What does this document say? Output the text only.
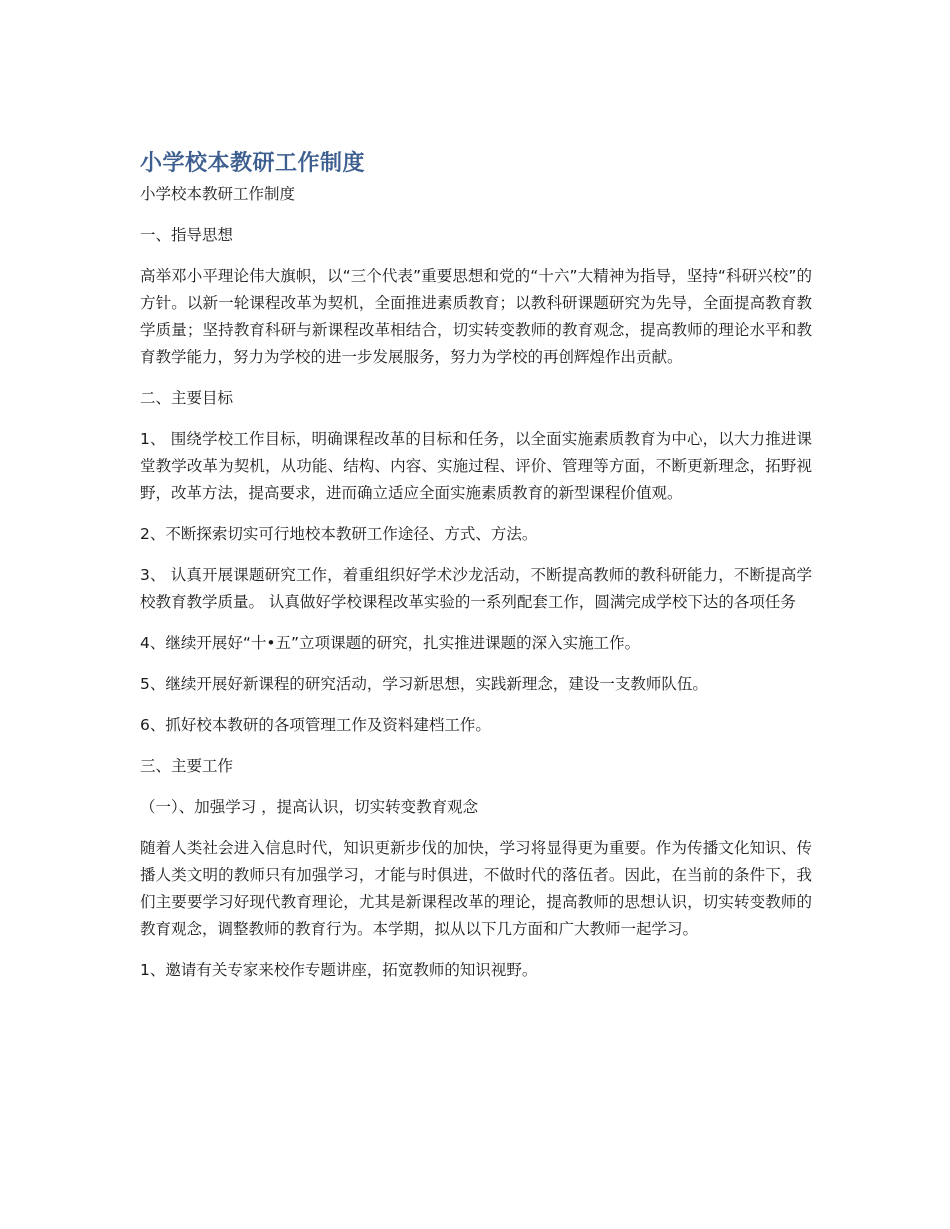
小学校本教研工作制度

小学校本教研工作制度

一、指导思想

高举邓小平理论伟大旗帜，以“三个代表”重要思想和党的“十六”大精神为指导，坚持“科研兴校”的方针。以新一轮课程改革为契机，全面推进素质教育；以教科研课题研究为先导，全面提高教育教学质量；坚持教育科研与新课程改革相结合，切实转变教师的教育观念，提高教师的理论水平和教育教学能力，努力为学校的进一步发展服务，努力为学校的再创辉煌作出贡献。

二、主要目标

1、 围绕学校工作目标，明确课程改革的目标和任务，以全面实施素质教育为中心，以大力推进课堂教学改革为契机，从功能、结构、内容、实施过程、评价、管理等方面，不断更新理念，拓野视野，改革方法，提高要求，进而确立适应全面实施素质教育的新型课程价值观。

2、不断探索切实可行地校本教研工作途径、方式、方法。

3、 认真开展课题研究工作，着重组织好学术沙龙活动，不断提高教师的教科研能力，不断提高学校教育教学质量。 认真做好学校课程改革实验的一系列配套工作，圆满完成学校下达的各项任务

4、继续开展好“十•五”立项课题的研究，扎实推进课题的深入实施工作。

5、继续开展好新课程的研究活动，学习新思想，实践新理念，建设一支教师队伍。

6、抓好校本教研的各项管理工作及资料建档工作。

三、主要工作

（一）、加强学习 ，提高认识，切实转变教育观念

随着人类社会进入信息时代，知识更新步伐的加快，学习将显得更为重要。作为传播文化知识、传播人类文明的教师只有加强学习，才能与时俱进，不做时代的落伍者。因此，在当前的条件下，我们主要要学习好现代教育理论，尤其是新课程改革的理论，提高教师的思想认识，切实转变教师的教育观念，调整教师的教育行为。本学期，拟从以下几方面和广大教师一起学习。

1、邀请有关专家来校作专题讲座，拓宽教师的知识视野。
